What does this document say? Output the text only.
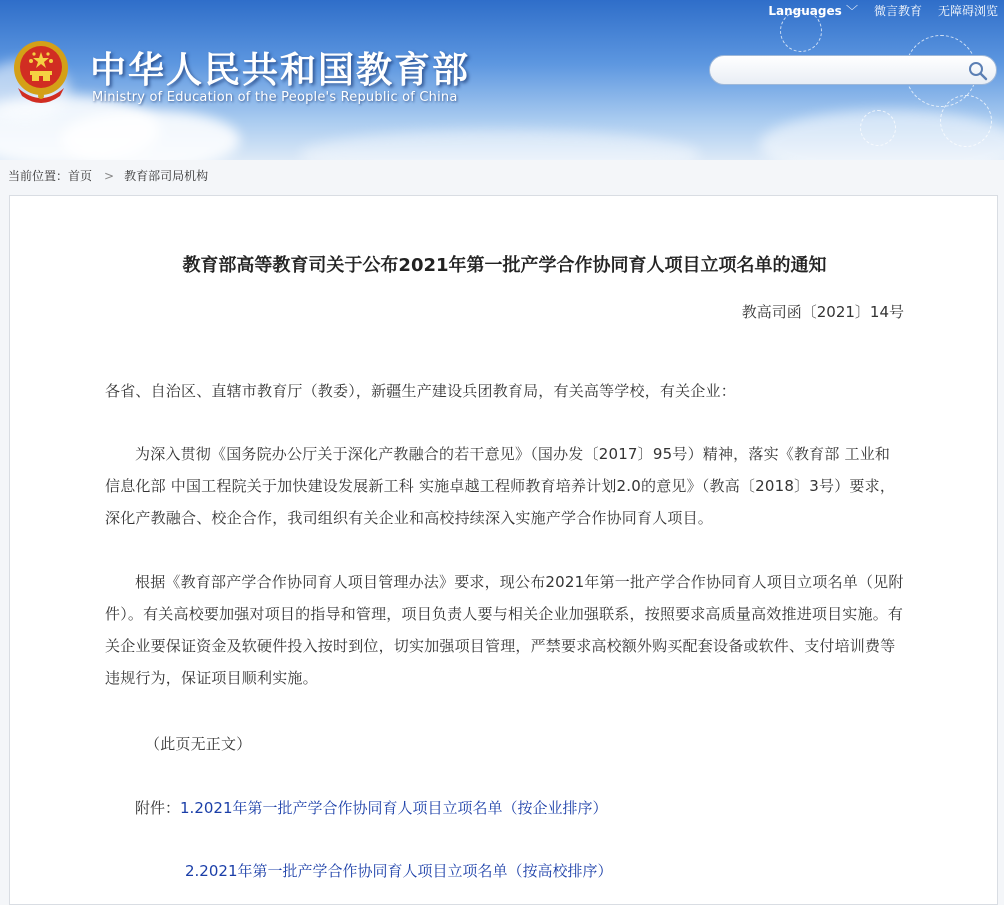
Languages ﹀ 微言教育 无障碍浏览
中华人民共和国教育部
Ministry of Education of the People's Republic of China
当前位置：首页 > 教育部司局机构
教育部高等教育司关于公布2021年第一批产学合作协同育人项目立项名单的通知
教高司函〔2021〕14号
各省、自治区、直辖市教育厅（教委），新疆生产建设兵团教育局，有关高等学校，有关企业：
为深入贯彻《国务院办公厅关于深化产教融合的若干意见》（国办发〔2017〕95号）精神，落实《教育部 工业和信息化部 中国工程院关于加快建设发展新工科 实施卓越工程师教育培养计划2.0的意见》（教高〔2018〕3号）要求，深化产教融合、校企合作，我司组织有关企业和高校持续深入实施产学合作协同育人项目。
根据《教育部产学合作协同育人项目管理办法》要求，现公布2021年第一批产学合作协同育人项目立项名单（见附件）。有关高校要加强对项目的指导和管理，项目负责人要与相关企业加强联系，按照要求高质量高效推进项目实施。有关企业要保证资金及软硬件投入按时到位，切实加强项目管理，严禁要求高校额外购买配套设备或软件、支付培训费等违规行为，保证项目顺利实施。
（此页无正文）
附件：1.2021年第一批产学合作协同育人项目立项名单（按企业排序）
2.2021年第一批产学合作协同育人项目立项名单（按高校排序）
